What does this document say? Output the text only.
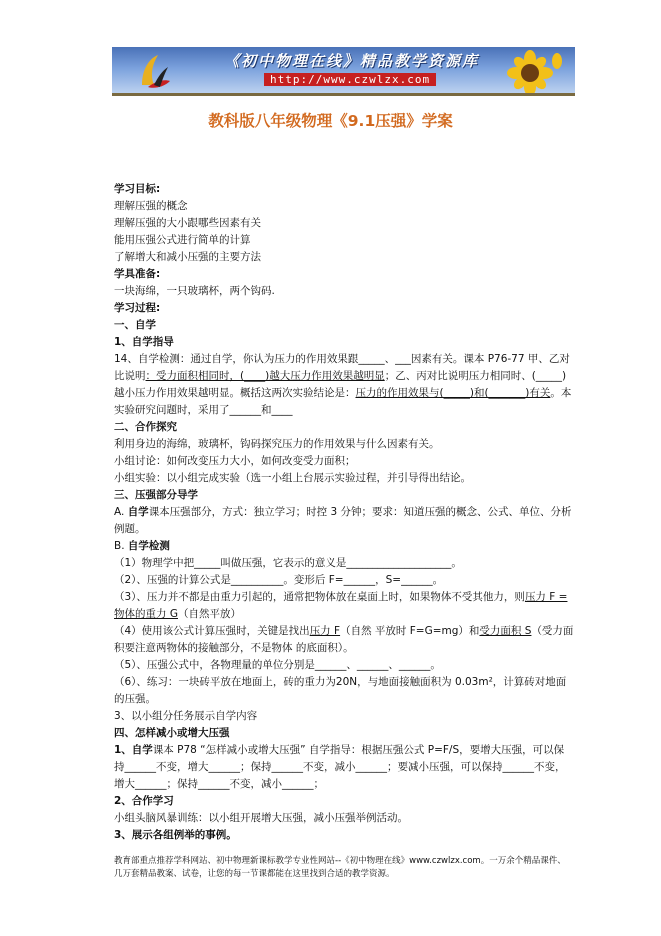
《初中物理在线》精品教学资源库
http://www.czwlzx.com
教科版八年级物理《9.1压强》学案
学习目标:
理解压强的概念
理解压强的大小跟哪些因素有关
能用压强公式进行简单的计算
了解增大和减小压强的主要方法
学具准备:
一块海绵，一只玻璃杯，两个钩码.
学习过程:
一、自学
1、自学指导
14、自学检测：通过自学，你认为压力的作用效果跟_____、___因素有关。课本 P76-77 甲、乙对比说明：受力面积相同时，(____)越大压力作用效果越明显；乙、丙对比说明压力相同时、(_____)越小压力作用效果越明显。概括这两次实验结论是：压力的作用效果与(_____)和(_______)有关。本实验研究问题时，采用了______和____
二、合作探究
利用身边的海绵，玻璃杯，钩码探究压力的作用效果与什么因素有关。
小组讨论：如何改变压力大小，如何改变受力面积；
小组实验：以小组完成实验（选一小组上台展示实验过程，并引导得出结论。
三、压强部分导学
A. 自学课本压强部分，方式：独立学习；时控 3 分钟；要求：知道压强的概念、公式、单位、分析例题。
B. 自学检测
（1）物理学中把_____叫做压强，它表示的意义是____________________。
（2）、压强的计算公式是__________。变形后 F=______，S=______。
（3）、压力并不都是由重力引起的，通常把物体放在桌面上时，如果物体不受其他力，则压力 F = 物体的重力 G（自然平放）
（4）使用该公式计算压强时，关键是找出压力 F（自然 平放时 F=G=mg）和受力面积 S（受力面积要注意两物体的接触部分，不是物体 的底面积）。
（5）、压强公式中，各物理量的单位分别是______、______、______。
（6）、练习：一块砖平放在地面上，砖的重力为20N，与地面接触面积为 0.03m²，计算砖对地面的压强。
3、以小组分任务展示自学内容
四、怎样减小或增大压强
1、自学课本 P78 “怎样减小或增大压强” 自学指导：根据压强公式 P=F/S，要增大压强，可以保持______不变，增大______；保持______不变，减小______；要减小压强，可以保持______不变，增大______；保持______不变，减小______；
2、合作学习
小组头脑风暴训练：以小组开展增大压强，减小压强举例活动。
3、展示各组例举的事例。
教育部重点推荐学科网站、初中物理新课标教学专业性网站--《初中物理在线》www.czwlzx.com。一万余个精品课件、几万套精品教案、试卷，让您的每一节课都能在这里找到合适的教学资源。
